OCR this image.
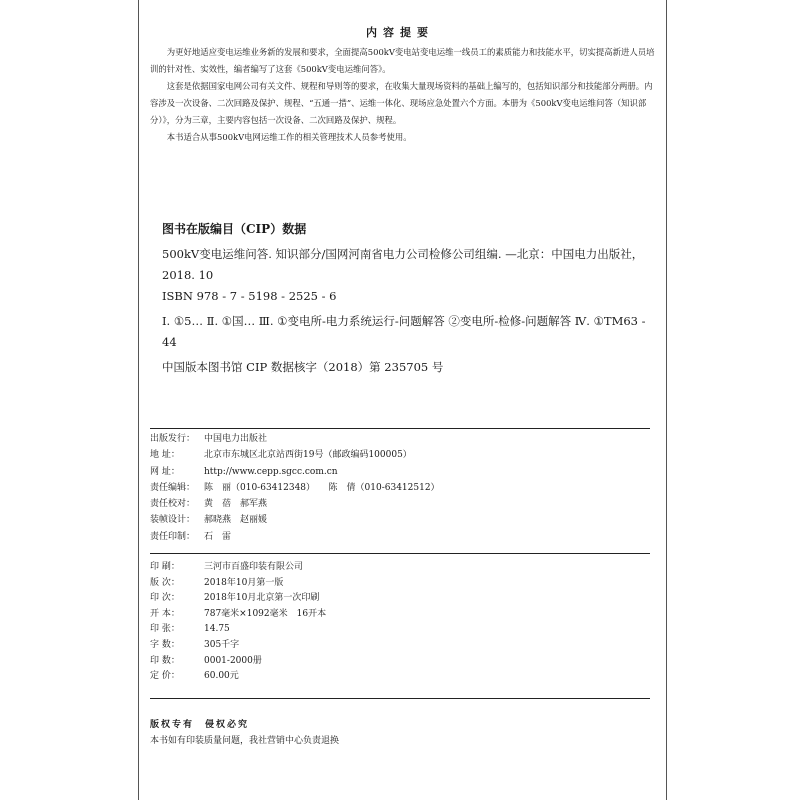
内容提要

为更好地适应变电运维业务新的发展和要求，全面提高500kV变电站变电运维一线员工的素质能力和技能水平，切实提高新进人员培训的针对性、实效性，编者编写了这套《500kV变电运维问答》。

这套是依据国家电网公司有关文件、规程和导则等的要求，在收集大量现场资料的基础上编写的，包括知识部分和技能部分两册。内容涉及一次设备、二次回路及保护、规程、“五通一措”、运维一体化、现场应急处置六个方面。本册为《500kV变电运维问答（知识部分）》，分为三章，主要内容包括一次设备、二次回路及保护、规程。

本书适合从事500kV电网运维工作的相关管理技术人员参考使用。

图书在版编目（CIP）数据

500kV变电运维问答. 知识部分/国网河南省电力公司检修公司组编. —北京：中国电力出版社，2018. 10

ISBN 978 - 7 - 5198 - 2525 - 6

Ⅰ. ①5… Ⅱ. ①国… Ⅲ. ①变电所-电力系统运行-问题解答 ②变电所-检修-问题解答 Ⅳ. ①TM63 - 44

中国版本图书馆 CIP 数据核字（2018）第 235705 号

出版发行： 中国电力出版社
地 址：	北京市东城区北京站西街19号（邮政编码100005）
网 址：	http://www.cepp.sgcc.com.cn
责任编辑： 陈　丽（010-63412348）　　陈　倩（010-63412512）
责任校对： 黄　蓓　郝军燕
装帧设计： 郝晓燕　赵丽媛
责任印制： 石　雷
印 刷：	三河市百盛印装有限公司
版 次：	2018年10月第一版
印 次：	2018年10月北京第一次印刷
开 本：	787毫米×1092毫米　16开本
印 张：	14.75
字 数：	305千字
印 数：	0001-2000册
定 价：	60.00元
版权专有　侵权必究
本书如有印装质量问题，我社营销中心负责退换
